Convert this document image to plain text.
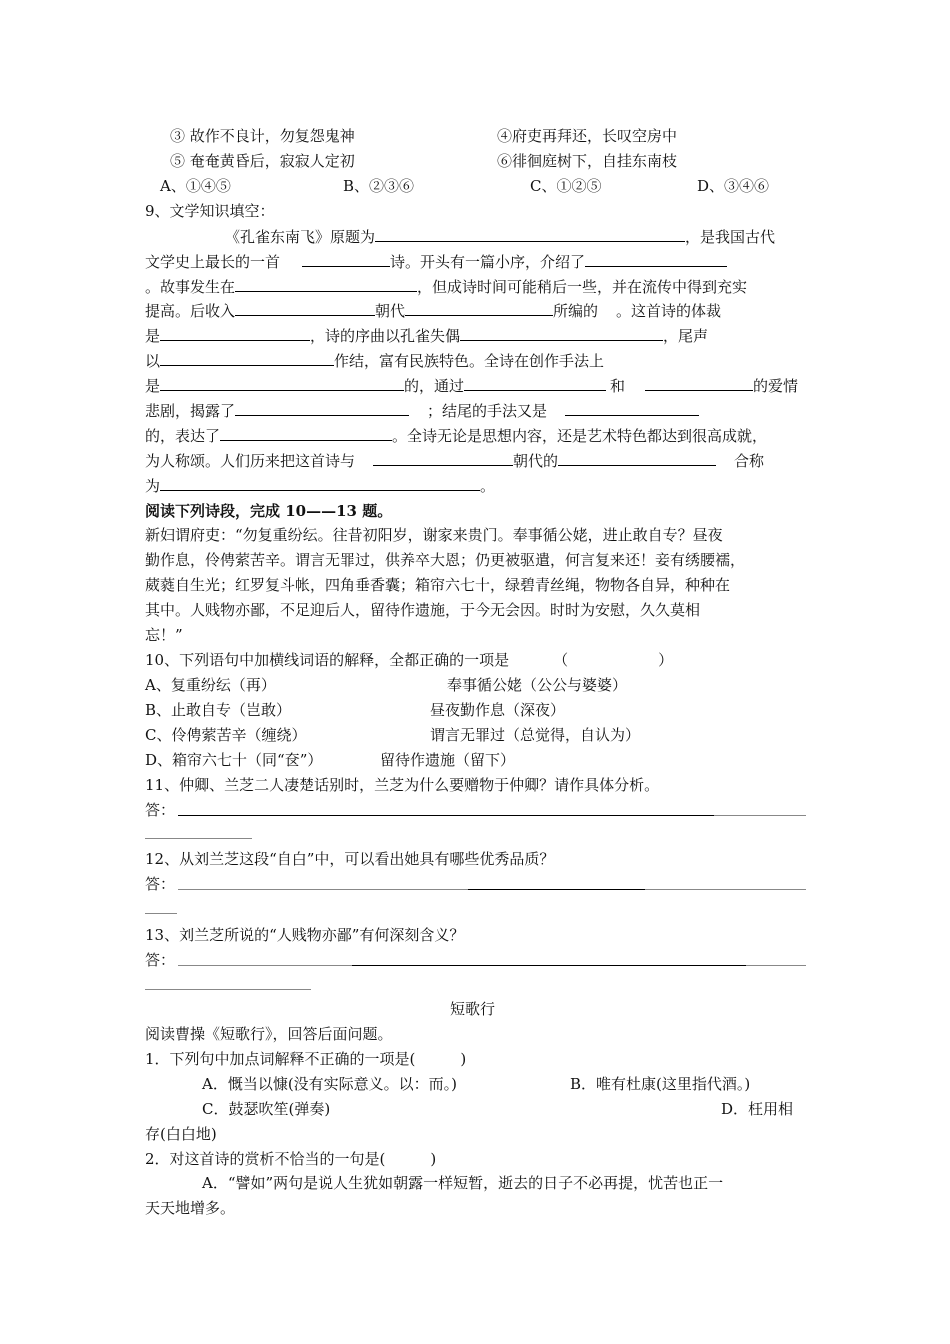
③ 故作不良计，勿复怨鬼神	④府吏再拜还，长叹空房中
⑤ 奄奄黄昏后，寂寂人定初	⑥徘徊庭树下，自挂东南枝
A、①④⑤	B、②③⑥	C、①②⑤	D、③④⑥
9、文学知识填空：
《孔雀东南飞》原题为	，是我国古代
文学史上最长的一首	诗。开头有一篇小序，介绍了
。故事发生在	，但成诗时间可能稍后一些，并在流传中得到充实
提高。后收入	朝代	所编的 。这首诗的体裁
是	，诗的序曲以孔雀失偶	，尾声
以	作结，富有民族特色。全诗在创作手法上
是	的，通过	和	的爱情
悲剧，揭露了	；结尾的手法又是
的，表达了	。全诗无论是思想内容，还是艺术特色都达到很高成就，
为人称颂。人们历来把这首诗与	朝代的	合称
为	。
阅读下列诗段，完成 10——13 题。
新妇谓府吏：“勿复重纷纭。往昔初阳岁，谢家来贵门。奉事循公姥，进止敢自专？昼夜
勤作息，伶俜萦苦辛。谓言无罪过，供养卒大恩；仍更被驱遣，何言复来还！妾有绣腰襦，
葳蕤自生光；红罗复斗帐，四角垂香囊；箱帘六七十，绿碧青丝绳，物物各自异，种种在
其中。人贱物亦鄙，不足迎后人，留待作遗施，于今无会因。时时为安慰，久久莫相
忘！”
10、下列语句中加横线词语的解释，全都正确的一项是	（　　　　　　）
A、复重纷纭（再）	奉事循公姥（公公与婆婆）
B、止敢自专（岂敢）	昼夜勤作息（深夜）
C、伶俜萦苦辛（缠绕）	谓言无罪过（总觉得，自认为）
D、箱帘六七十（同“奁”）	留待作遗施（留下）
11、仲卿、兰芝二人凄楚话别时，兰芝为什么要赠物于仲卿？请作具体分析。
答：
12、从刘兰芝这段“自白”中，可以看出她具有哪些优秀品质？
答：
13、刘兰芝所说的“人贱物亦鄙”有何深刻含义？
答：
短歌行
阅读曹操《短歌行》，回答后面问题。
1．下列句中加点词解释不正确的一项是(　　　)
A．慨当以慷(没有实际意义。以：而。)	B．唯有杜康(这里指代酒。)
C．鼓瑟吹笙(弹奏)	D．枉用相
存(白白地)
2．对这首诗的赏析不恰当的一句是(　　　)
A．“譬如”两句是说人生犹如朝露一样短暂，逝去的日子不必再提，忧苦也正一
天天地增多。
